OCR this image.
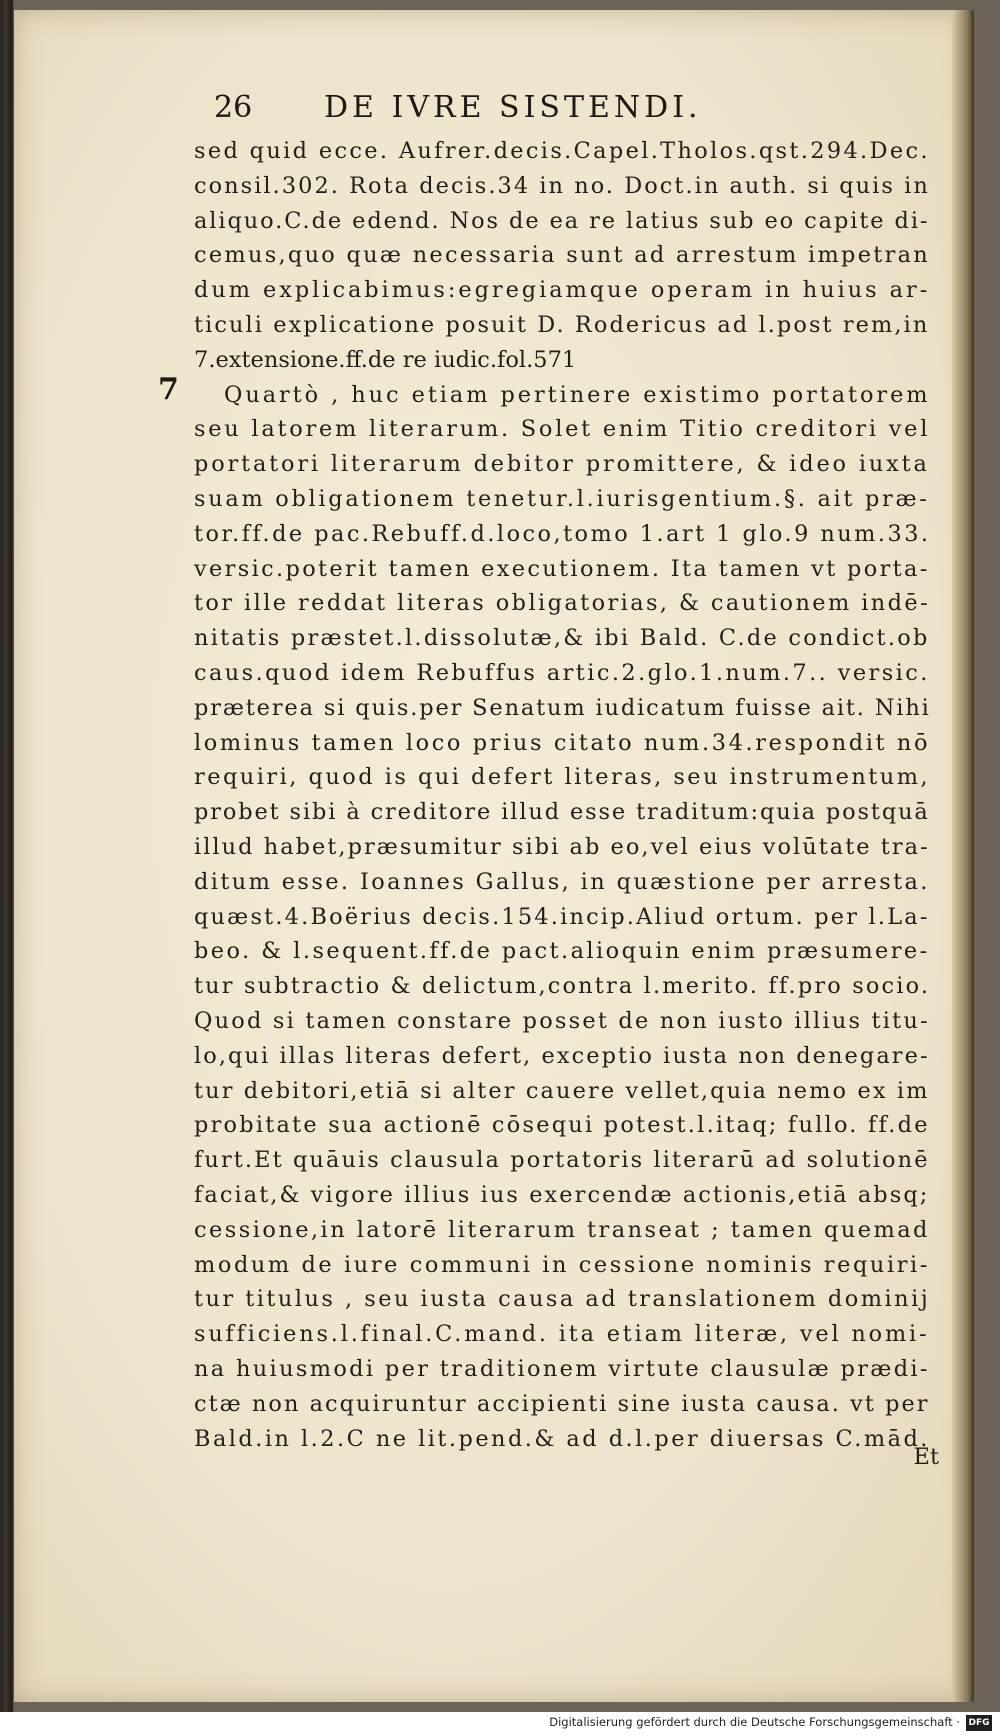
26 DE IVRE SISTENDI.
7
sed quid ecce. Aufrer.decis.Capel.Tholos.qst.294.Dec.
consil.302. Rota decis.34 in no. Doct.in auth. si quis in
aliquo.C.de edend. Nos de ea re latius sub eo capite di-
cemus,quo quæ necessaria sunt ad arrestum impetran
dum explicabimus:egregiamque operam in huius ar-
ticuli explicatione posuit D. Rodericus ad l.post rem,in
7.extensione.ff.de re iudic.fol.571
Quartò , huc etiam pertinere existimo portatorem
seu latorem literarum. Solet enim Titio creditori vel
portatori literarum debitor promittere, & ideo iuxta
suam obligationem tenetur.l.iurisgentium.§. ait præ-
tor.ff.de pac.Rebuff.d.loco,tomo 1.art 1 glo.9 num.33.
versic.poterit tamen executionem. Ita tamen vt porta-
tor ille reddat literas obligatorias, & cautionem indē-
nitatis præstet.l.dissolutæ,& ibi Bald. C.de condict.ob
caus.quod idem Rebuffus artic.2.glo.1.num.7.. versic.
præterea si quis.per Senatum iudicatum fuisse ait. Nihi
lominus tamen loco prius citato num.34.respondit nō
requiri, quod is qui defert literas, seu instrumentum,
probet sibi à creditore illud esse traditum:quia postquā
illud habet,præsumitur sibi ab eo,vel eius volūtate tra-
ditum esse. Ioannes Gallus, in quæstione per arresta.
quæst.4.Boërius decis.154.incip.Aliud ortum. per l.La-
beo. & l.sequent.ff.de pact.alioquin enim præsumere-
tur subtractio & delictum,contra l.merito. ff.pro socio.
Quod si tamen constare posset de non iusto illius titu-
lo,qui illas literas defert, exceptio iusta non denegare-
tur debitori,etiā si alter cauere vellet,quia nemo ex im
probitate sua actionē cōsequi potest.l.itaq; fullo. ff.de
furt.Et quāuis clausula portatoris literarū ad solutionē
faciat,& vigore illius ius exercendæ actionis,etiā absq;
cessione,in latorē literarum transeat ; tamen quemad
modum de iure communi in cessione nominis requiri-
tur titulus , seu iusta causa ad translationem dominij
sufficiens.l.final.C.mand. ita etiam literæ, vel nomi-
na huiusmodi per traditionem virtute clausulæ prædi-
ctæ non acquiruntur accipienti sine iusta causa. vt per
Bald.in l.2.C ne lit.pend.& ad d.l.per diuersas C.mād.
Et
Digitalisierung gefördert durch die Deutsche Forschungsgemeinschaft · DFG
